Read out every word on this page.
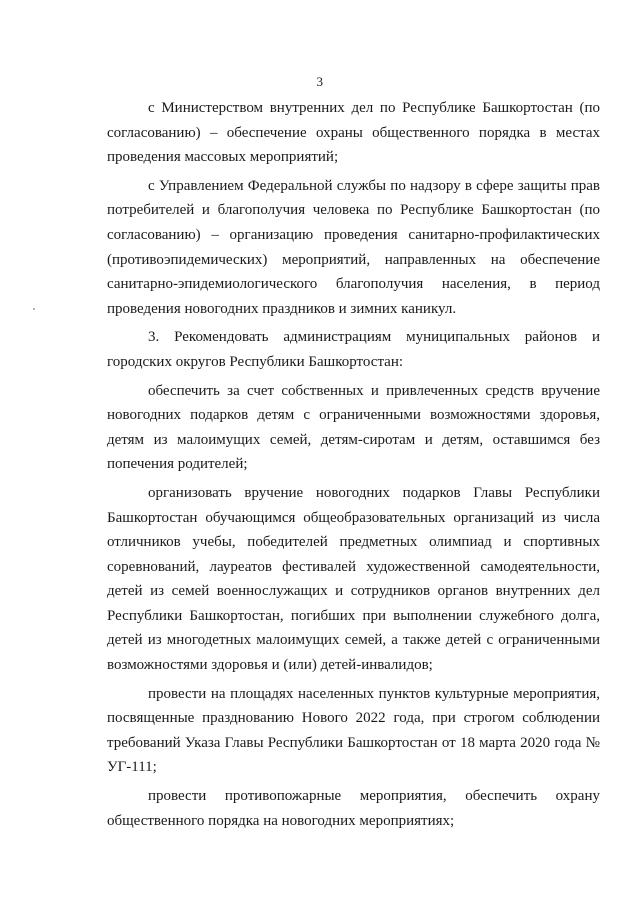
3

с Министерством внутренних дел по Республике Башкортостан (по согласованию) – обеспечение охраны общественного порядка в местах проведения массовых мероприятий;

с Управлением Федеральной службы по надзору в сфере защиты прав потребителей и благополучия человека по Республике Башкортостан (по согласованию) – организацию проведения санитарно-профилактических (противоэпидемических) мероприятий, направленных на обеспечение санитарно-эпидемиологического благополучия населения, в период проведения новогодних праздников и зимних каникул.

3. Рекомендовать администрациям муниципальных районов и городских округов Республики Башкортостан:

обеспечить за счет собственных и привлеченных средств вручение новогодних подарков детям с ограниченными возможностями здоровья, детям из малоимущих семей, детям-сиротам и детям, оставшимся без попечения родителей;

организовать вручение новогодних подарков Главы Республики Башкортостан обучающимся общеобразовательных организаций из числа отличников учебы, победителей предметных олимпиад и спортивных соревнований, лауреатов фестивалей художественной самодеятельности, детей из семей военнослужащих и сотрудников органов внутренних дел Республики Башкортостан, погибших при выполнении служебного долга, детей из многодетных малоимущих семей, а также детей с ограниченными возможностями здоровья и (или) детей-инвалидов;

провести на площадях населенных пунктов культурные мероприятия, посвященные празднованию Нового 2022 года, при строгом соблюдении требований Указа Главы Республики Башкортостан от 18 марта 2020 года № УГ-111;

провести противопожарные мероприятия, обеспечить охрану общественного порядка на новогодних мероприятиях;
